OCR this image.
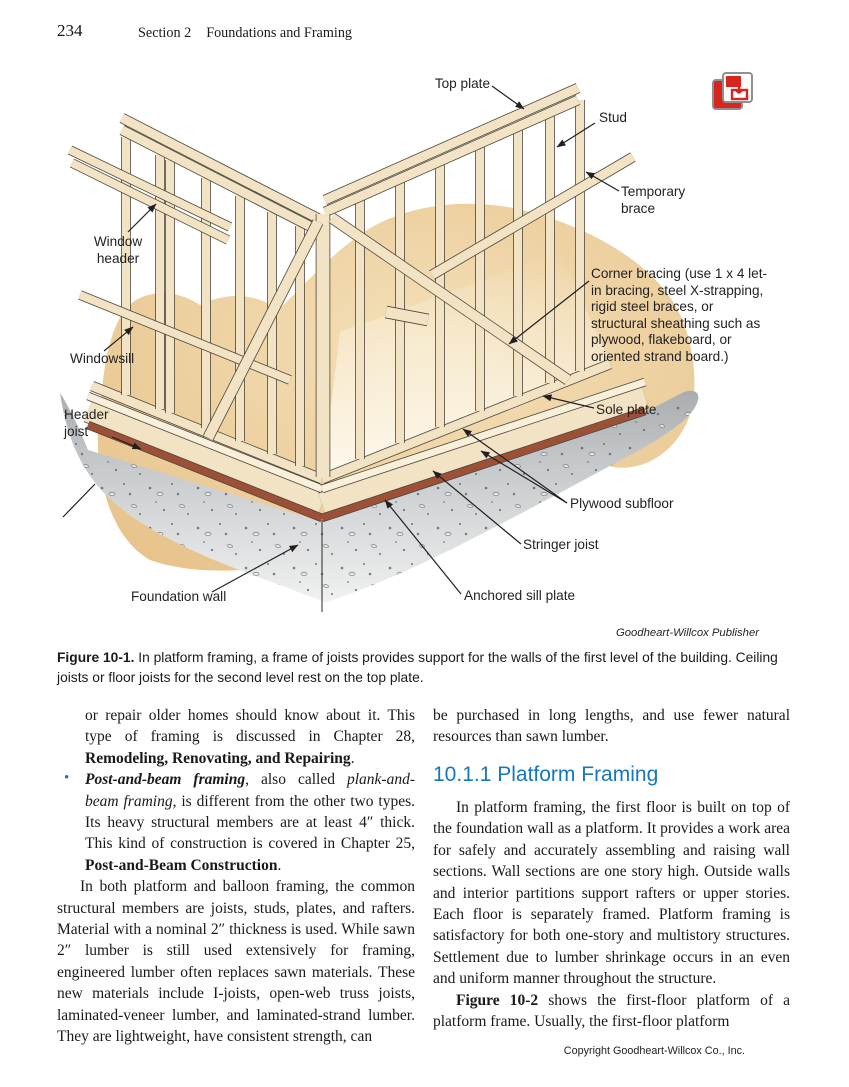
234	Section 2 Foundations and Framing
Top plate
Stud
Temporary brace
Window header
Windowsill
Header joist
Corner bracing (use 1 x 4 let-in bracing, steel X-strapping, rigid steel braces, or structural sheathing such as plywood, flakeboard, or oriented strand board.)
Sole plate
Plywood subfloor
Stringer joist
Anchored sill plate
Foundation wall
Goodheart-Willcox Publisher
Figure 10-1. In platform framing, a frame of joists provides support for the walls of the first level of the building. Ceiling joists or floor joists for the second level rest on the top plate.

or repair older homes should know about it. This type of framing is discussed in Chapter 28, Remodeling, Renovating, and Repairing.

• Post-and-beam framing, also called plank-and-beam framing, is different from the other two types. Its heavy structural members are at least 4″ thick. This kind of construction is covered in Chapter 25, Post-and-Beam Construction.

In both platform and balloon framing, the common structural members are joists, studs, plates, and rafters. Material with a nominal 2″ thickness is used. While sawn 2″ lumber is still used extensively for framing, engineered lumber often replaces sawn materials. These new materials include I-joists, open-web truss joists, laminated-veneer lumber, and laminated-strand lumber. They are lightweight, have consistent strength, can

be purchased in long lengths, and use fewer natural resources than sawn lumber.

10.1.1 Platform Framing

In platform framing, the first floor is built on top of the foundation wall as a platform. It provides a work area for safely and accurately assembling and raising wall sections. Wall sections are one story high. Outside walls and interior partitions support rafters or upper stories. Each floor is separately framed. Platform framing is satisfactory for both one-story and multistory structures. Settlement due to lumber shrinkage occurs in an even and uniform manner throughout the structure.

Figure 10-2 shows the first-floor platform of a platform frame. Usually, the first-floor platform

Copyright Goodheart-Willcox Co., Inc.
